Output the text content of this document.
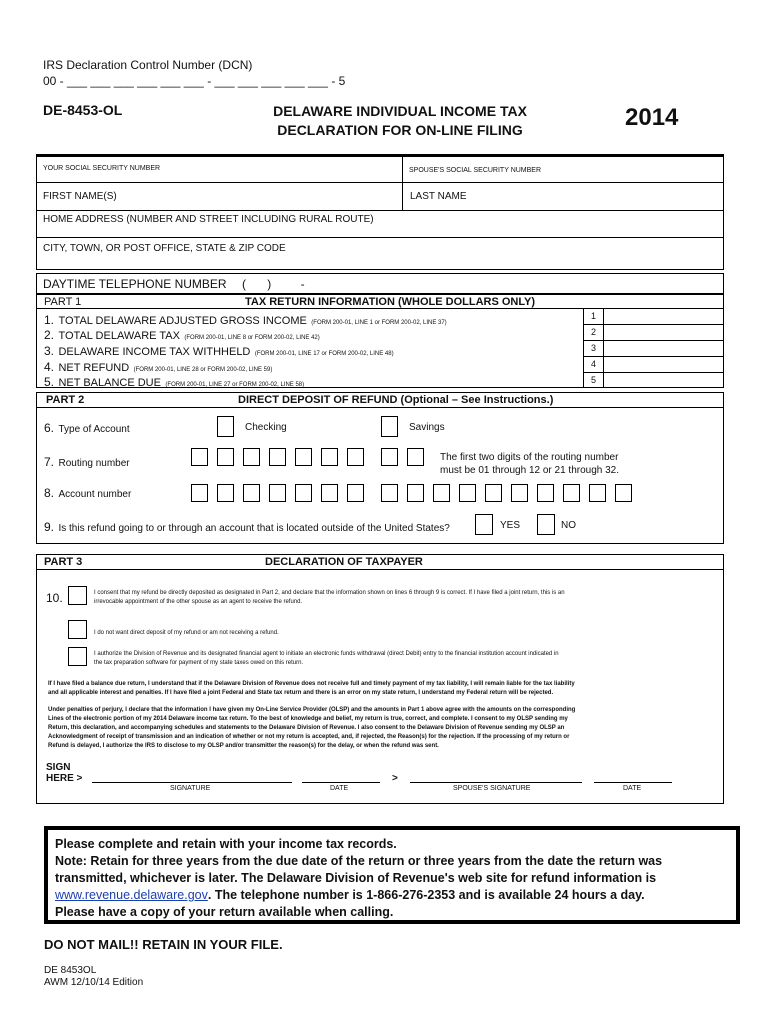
IRS Declaration Control Number (DCN)
00 - ___ ___ ___ ___ ___ ___ - ___ ___ ___ ___ ___ - 5
DE-8453-OL	DELAWARE INDIVIDUAL INCOME TAX
DECLARATION FOR ON-LINE FILING	2014
YOUR SOCIAL SECURITY NUMBER	SPOUSE'S SOCIAL SECURITY NUMBER
FIRST NAME(S)	LAST NAME
HOME ADDRESS (NUMBER AND STREET INCLUDING RURAL ROUTE)
CITY, TOWN, OR POST OFFICE, STATE & ZIP CODE
DAYTIME TELEPHONE NUMBER ( ) -
PART 1	TAX RETURN INFORMATION (WHOLE DOLLARS ONLY)
1. TOTAL DELAWARE ADJUSTED GROSS INCOME (FORM 200-01, LINE 1 or FORM 200-02, LINE 37)
2. TOTAL DELAWARE TAX (FORM 200-01, LINE 8 or FORM 200-02, LINE 42)
3. DELAWARE INCOME TAX WITHHELD (FORM 200-01, LINE 17 or FORM 200-02, LINE 48)
4. NET REFUND (FORM 200-01, LINE 28 or FORM 200-02, LINE 59)
5. NET BALANCE DUE (FORM 200-01, LINE 27 or FORM 200-02, LINE 58)
1
2
3
4
5
PART 2	DIRECT DEPOSIT OF REFUND (Optional – See Instructions.)
6. Type of Account	Checking	Savings
7. Routing number
The first two digits of the routing number
must be 01 through 12 or 21 through 32.
8. Account number
9. Is this refund going to or through an account that is located outside of the United States?	YES	NO
PART 3	DECLARATION OF TAXPAYER
10.	I consent that my refund be directly deposited as designated in Part 2, and declare that the information shown on lines 6 through 9 is correct. If I have filed a joint return, this is an
irrevocable appointment of the other spouse as an agent to receive the refund.
I do not want direct deposit of my refund or am not receiving a refund.
I authorize the Division of Revenue and its designated financial agent to initiate an electronic funds withdrawal (direct Debit) entry to the financial institution account indicated in
the tax preparation software for payment of my state taxes owed on this return.
If I have filed a balance due return, I understand that if the Delaware Division of Revenue does not receive full and timely payment of my tax liability, I will remain liable for the tax liability
and all applicable interest and penalties. If I have filed a joint Federal and State tax return and there is an error on my state return, I understand my Federal return will be rejected.
Under penalties of perjury, I declare that the information I have given my On-Line Service Provider (OLSP) and the amounts in Part 1 above agree with the amounts on the corresponding
Lines of the electronic portion of my 2014 Delaware income tax return. To the best of knowledge and belief, my return is true, correct, and complete. I consent to my OLSP sending my
Return, this declaration, and accompanying schedules and statements to the Delaware Division of Revenue. I also consent to the Delaware Division of Revenue sending my OLSP an
Acknowledgment of receipt of transmission and an indication of whether or not my return is accepted, and, if rejected, the Reason(s) for the rejection. If the processing of my return or
Refund is delayed, I authorize the IRS to disclose to my OLSP and/or transmitter the reason(s) for the delay, or when the refund was sent.
SIGN
HERE >	>
SIGNATURE	DATE	SPOUSE'S SIGNATURE	DATE
Please complete and retain with your income tax records.
Note: Retain for three years from the due date of the return or three years from the date the return was
transmitted, whichever is later. The Delaware Division of Revenue's web site for refund information is
www.revenue.delaware.gov. The telephone number is 1-866-276-2353 and is available 24 hours a day.
Please have a copy of your return available when calling.
DO NOT MAIL!! RETAIN IN YOUR FILE.
DE 8453OL
AWM 12/10/14 Edition
